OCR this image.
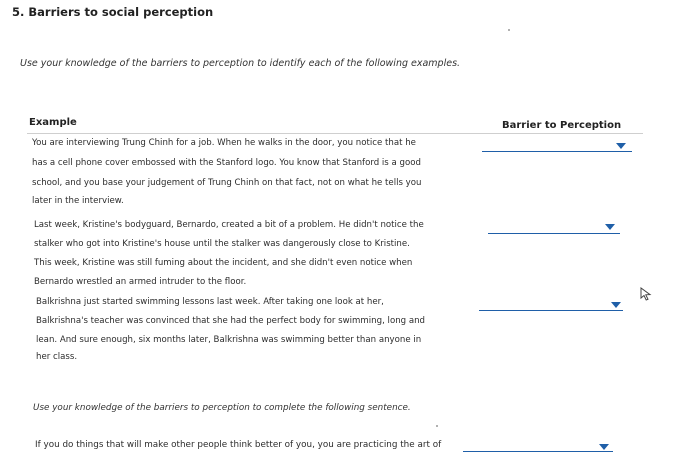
5. Barriers to social perception
Use your knowledge of the barriers to perception to identify each of the following examples.
Example	Barrier to Perception
You are interviewing Trung Chinh for a job. When he walks in the door, you notice that he
has a cell phone cover embossed with the Stanford logo. You know that Stanford is a good
school, and you base your judgement of Trung Chinh on that fact, not on what he tells you
later in the interview.
Last week, Kristine's bodyguard, Bernardo, created a bit of a problem. He didn't notice the
stalker who got into Kristine's house until the stalker was dangerously close to Kristine.
This week, Kristine was still fuming about the incident, and she didn't even notice when
Bernardo wrestled an armed intruder to the floor.
Balkrishna just started swimming lessons last week. After taking one look at her,
Balkrishna's teacher was convinced that she had the perfect body for swimming, long and
lean. And sure enough, six months later, Balkrishna was swimming better than anyone in
her class.
Use your knowledge of the barriers to perception to complete the following sentence.
If you do things that will make other people think better of you, you are practicing the art of
